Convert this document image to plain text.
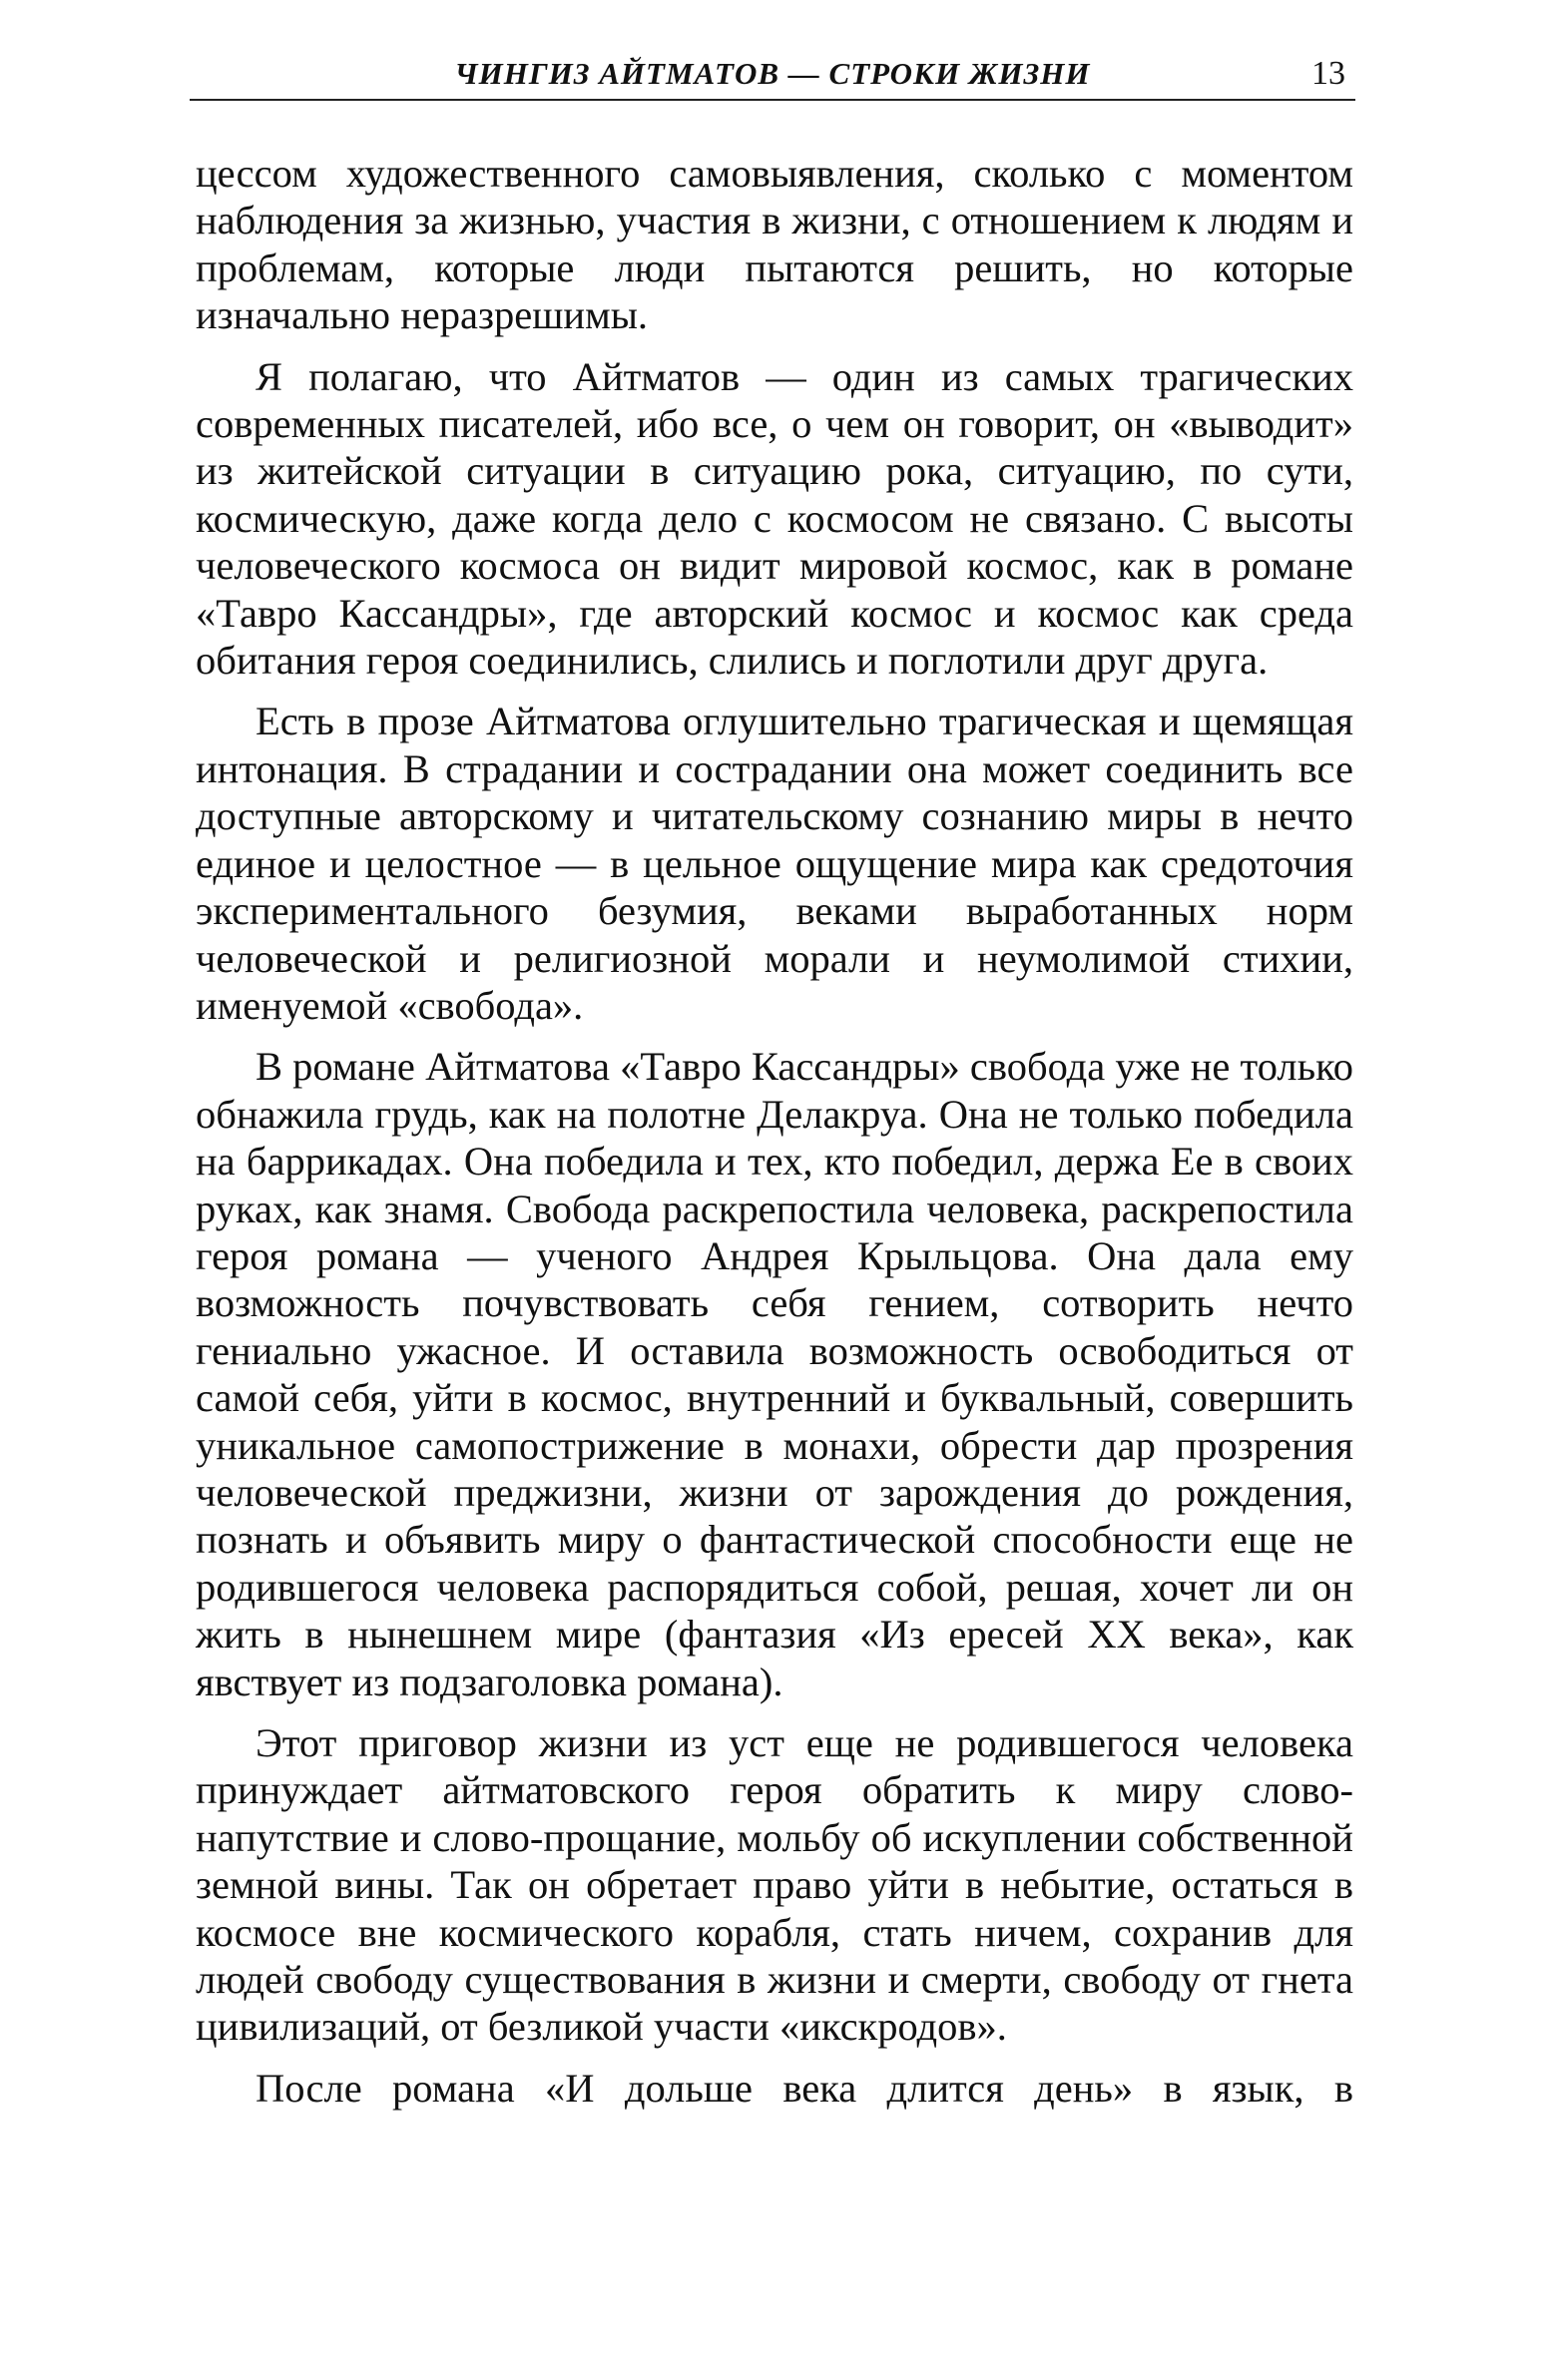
ЧИНГИЗ АЙТМАТОВ — СТРОКИ ЖИЗНИ	13

цессом художественного самовыявления, сколько с моментом наблюдения за жизнью, участия в жизни, с отношением к людям и проблемам, которые люди пытаются решить, но которые изначально неразрешимы.

Я полагаю, что Айтматов — один из самых трагических современных писателей, ибо все, о чем он говорит, он «выводит» из житейской ситуации в ситуацию рока, ситуацию, по сути, космическую, даже когда дело с космосом не связано. С высоты человеческого космоса он видит мировой космос, как в романе «Тавро Кассандры», где авторский космос и космос как среда обитания героя соединились, слились и поглотили друг друга.

Есть в прозе Айтматова оглушительно трагическая и щемящая интонация. В страдании и сострадании она может соединить все доступные авторскому и читательскому сознанию миры в нечто единое и целостное — в цельное ощущение мира как средоточия экспериментального безумия, веками выработанных норм человеческой и религиозной морали и неумолимой стихии, именуемой «свобода».

В романе Айтматова «Тавро Кассандры» свобода уже не только обнажила грудь, как на полотне Делакруа. Она не только победила на баррикадах. Она победила и тех, кто победил, держа Ее в своих руках, как знамя. Свобода раскрепостила человека, раскрепостила героя романа — ученого Андрея Крыльцова. Она дала ему возможность почувствовать себя гением, сотворить нечто гениально ужасное. И оставила возможность освободиться от самой себя, уйти в космос, внутренний и буквальный, совершить уникальное самопострижение в монахи, обрести дар прозрения человеческой преджизни, жизни от зарождения до рождения, познать и объявить миру о фантастической способности еще не родившегося человека распорядиться собой, решая, хочет ли он жить в нынешнем мире (фантазия «Из ересей XX века», как явствует из подзаголовка романа).

Этот приговор жизни из уст еще не родившегося человека принуждает айтматовского героя обратить к миру слово-напутствие и слово-прощание, мольбу об искуплении собственной земной вины. Так он обретает право уйти в небытие, остаться в космосе вне космического корабля, стать ничем, сохранив для людей свободу существования в жизни и смерти, свободу от гнета цивилизаций, от безликой участи «икскродов».

После романа «И дольше века длится день» в язык, в
